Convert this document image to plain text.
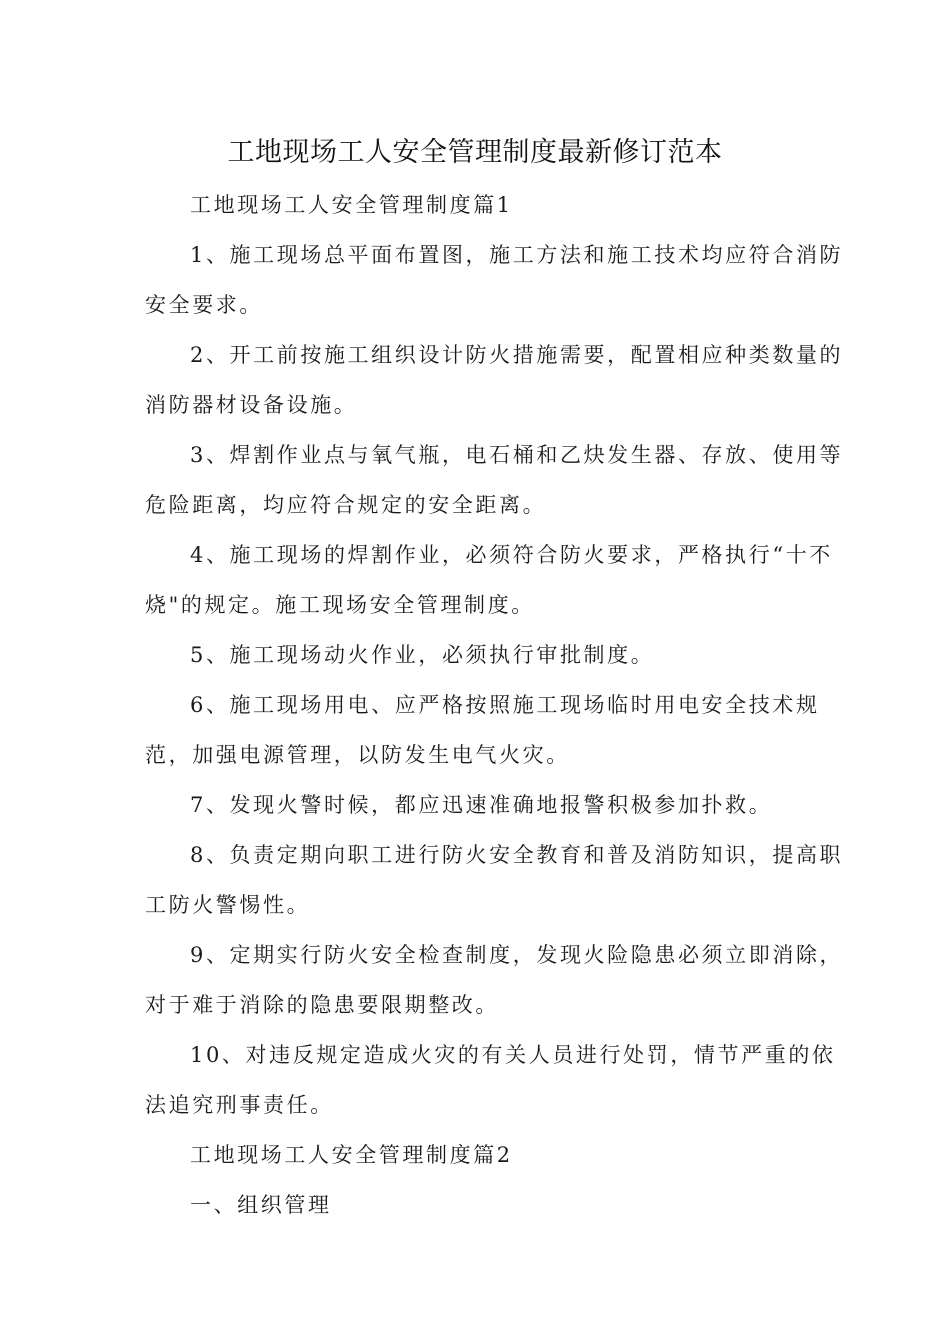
工地现场工人安全管理制度最新修订范本
工地现场工人安全管理制度篇1
1、施工现场总平面布置图，施工方法和施工技术均应符合消防
安全要求。
2、开工前按施工组织设计防火措施需要，配置相应种类数量的
消防器材设备设施。
3、焊割作业点与氧气瓶，电石桶和乙炔发生器、存放、使用等
危险距离，均应符合规定的安全距离。
4、施工现场的焊割作业，必须符合防火要求，严格执行“十不
烧"的规定。施工现场安全管理制度。
5、施工现场动火作业，必须执行审批制度。
6、施工现场用电、应严格按照施工现场临时用电安全技术规
范，加强电源管理，以防发生电气火灾。
7、发现火警时候，都应迅速准确地报警积极参加扑救。
8、负责定期向职工进行防火安全教育和普及消防知识，提高职
工防火警惕性。
9、定期实行防火安全检查制度，发现火险隐患必须立即消除，
对于难于消除的隐患要限期整改。
10、对违反规定造成火灾的有关人员进行处罚，情节严重的依
法追究刑事责任。
工地现场工人安全管理制度篇2
一、组织管理
